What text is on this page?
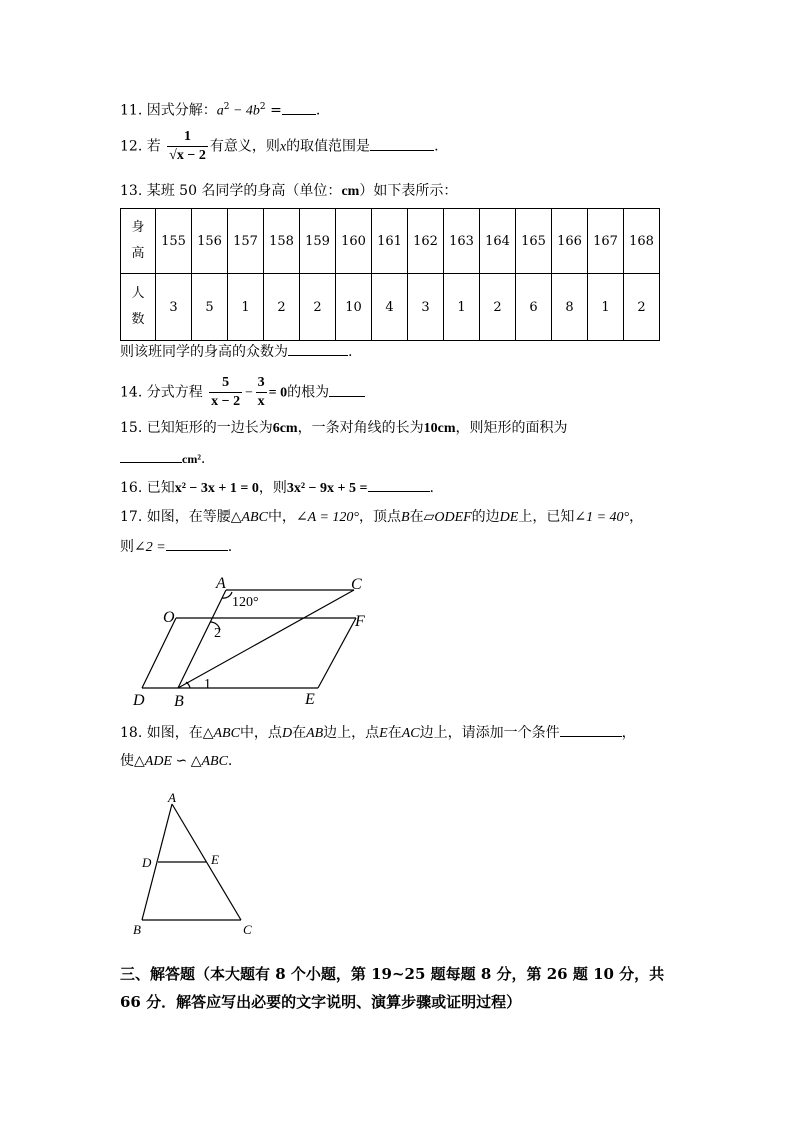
11. 因式分解：$a^2 - 4b^2$ = .
12. 若 $\frac{1}{√x - 2}$ 有意义，则x的取值范围是	.
13. 某班 50 名同学的身高（单位：cm）如下表所示：
身高	155	156	157	158	159	160	161	162	163	164	165	166	167	168
人数	3	5	1	2	2	10	4	3	1	2	6	8	1	2
则该班同学的身高的众数为	.
14. 分式方程 $\frac{5}{x - 2} - \frac{3}{x} = 0$的根为
15. 已知矩形的一边长为6cm，一条对角线的长为10cm，则矩形的面积为
cm².
16. 已知x² − 3x + 1 = 0，则3x² − 9x + 5 =	.
17. 如图，在等腰△ABC中，∠A = 120°，顶点B在▱ODEF的边DE上，已知∠1 = 40°，
则∠2 =	.
A	C
O	F
D B	E
120°
2
1
18. 如图，在△ABC中，点D在AB边上，点E在AC边上，请添加一个条件	，
使△ADE ∽ △ABC.
A
D	E
B	C
三、解答题（本大题有 8 个小题，第 19~25 题每题 8 分，第 26 题 10 分，共 66 分．解答应写出必要的文字说明、演算步骤或证明过程）
